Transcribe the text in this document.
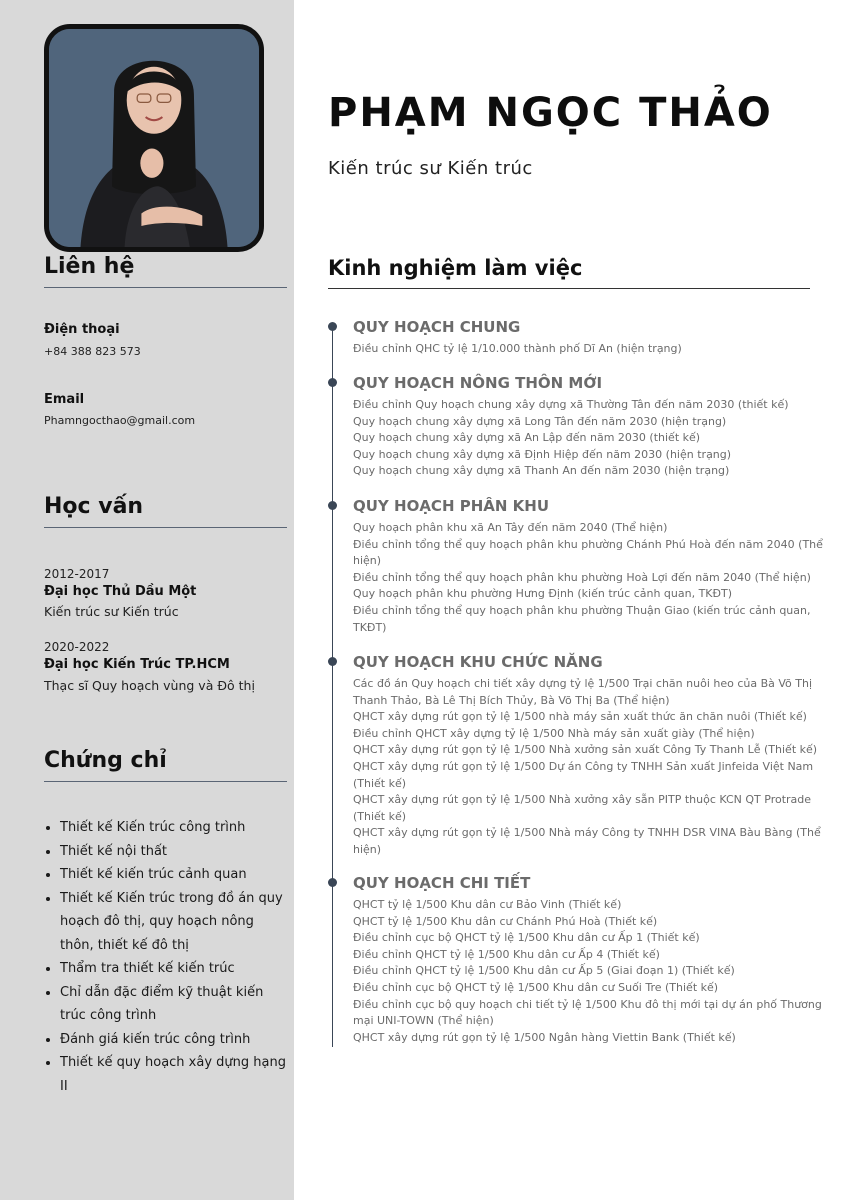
Liên hệ

Điện thoại

+84 388 823 573

Email

Phamngocthao@gmail.com

Học vấn

2012-2017

Đại học Thủ Dầu Một

Kiến trúc sư Kiến trúc

2020-2022

Đại học Kiến Trúc TP.HCM

Thạc sĩ Quy hoạch vùng và Đô thị

Chứng chỉ
• Thiết kế Kiến trúc công trình
• Thiết kế nội thất
• Thiết kế kiến trúc cảnh quan
• Thiết kế Kiến trúc trong đồ án quy hoạch đô thị, quy hoạch nông thôn, thiết kế đô thị
• Thẩm tra thiết kế kiến trúc
• Chỉ dẫn đặc điểm kỹ thuật kiến trúc công trình
• Đánh giá kiến trúc công trình
• Thiết kế quy hoạch xây dựng hạng II
PHẠM NGỌC THẢO

Kiến trúc sư Kiến trúc

Kinh nghiệm làm việc
QUY HOẠCH CHUNG
Điều chỉnh QHC tỷ lệ 1/10.000 thành phố Dĩ An (hiện trạng)
QUY HOẠCH NÔNG THÔN MỚI
Điều chỉnh Quy hoạch chung xây dựng xã Thường Tân đến năm 2030 (thiết kế)
Quy hoạch chung xây dựng xã Long Tân đến năm 2030 (hiện trạng)
Quy hoạch chung xây dựng xã An Lập đến năm 2030 (thiết kế)
Quy hoạch chung xây dựng xã Định Hiệp đến năm 2030 (hiện trạng)
Quy hoạch chung xây dựng xã Thanh An đến năm 2030 (hiện trạng)
QUY HOẠCH PHÂN KHU
Quy hoạch phân khu xã An Tây đến năm 2040 (Thể hiện)
Điều chỉnh tổng thể quy hoạch phân khu phường Chánh Phú Hoà đến năm 2040 (Thể hiện)
Điều chỉnh tổng thể quy hoạch phân khu phường Hoà Lợi đến năm 2040 (Thể hiện)
Quy hoạch phân khu phường Hưng Định (kiến trúc cảnh quan, TKĐT)
Điều chỉnh tổng thể quy hoạch phân khu phường Thuận Giao (kiến trúc cảnh quan, TKĐT)
QUY HOẠCH KHU CHỨC NĂNG
Các đồ án Quy hoạch chi tiết xây dựng tỷ lệ 1/500 Trại chăn nuôi heo của Bà Võ Thị Thanh Thảo, Bà Lê Thị Bích Thủy, Bà Võ Thị Ba (Thể hiện)
QHCT xây dựng rút gọn tỷ lệ 1/500 nhà máy sản xuất thức ăn chăn nuôi (Thiết kế)
Điều chỉnh QHCT xây dựng tỷ lệ 1/500 Nhà máy sản xuất giày (Thể hiện)
QHCT xây dựng rút gọn tỷ lệ 1/500 Nhà xưởng sản xuất Công Ty Thanh Lễ (Thiết kế)
QHCT xây dựng rút gọn tỷ lệ 1/500 Dự án Công ty TNHH Sản xuất Jinfeida Việt Nam (Thiết kế)
QHCT xây dựng rút gọn tỷ lệ 1/500 Nhà xưởng xây sẵn PITP thuộc KCN QT Protrade (Thiết kế)
QHCT xây dựng rút gọn tỷ lệ 1/500 Nhà máy Công ty TNHH DSR VINA Bàu Bàng (Thể hiện)
QUY HOẠCH CHI TIẾT
QHCT tỷ lệ 1/500 Khu dân cư Bảo Vinh (Thiết kế)
QHCT tỷ lệ 1/500 Khu dân cư Chánh Phú Hoà (Thiết kế)
Điều chỉnh cục bộ QHCT tỷ lệ 1/500 Khu dân cư Ấp 1 (Thiết kế)
Điều chỉnh QHCT tỷ lệ 1/500 Khu dân cư Ấp 4 (Thiết kế)
Điều chỉnh QHCT tỷ lệ 1/500 Khu dân cư Ấp 5 (Giai đoạn 1) (Thiết kế)
Điều chỉnh cục bộ QHCT tỷ lệ 1/500 Khu dân cư Suối Tre (Thiết kế)
Điều chỉnh cục bộ quy hoạch chi tiết tỷ lệ 1/500 Khu đô thị mới tại dự án phố Thương mại UNI-TOWN (Thể hiện)
QHCT xây dựng rút gọn tỷ lệ 1/500 Ngân hàng Viettin Bank (Thiết kế)
